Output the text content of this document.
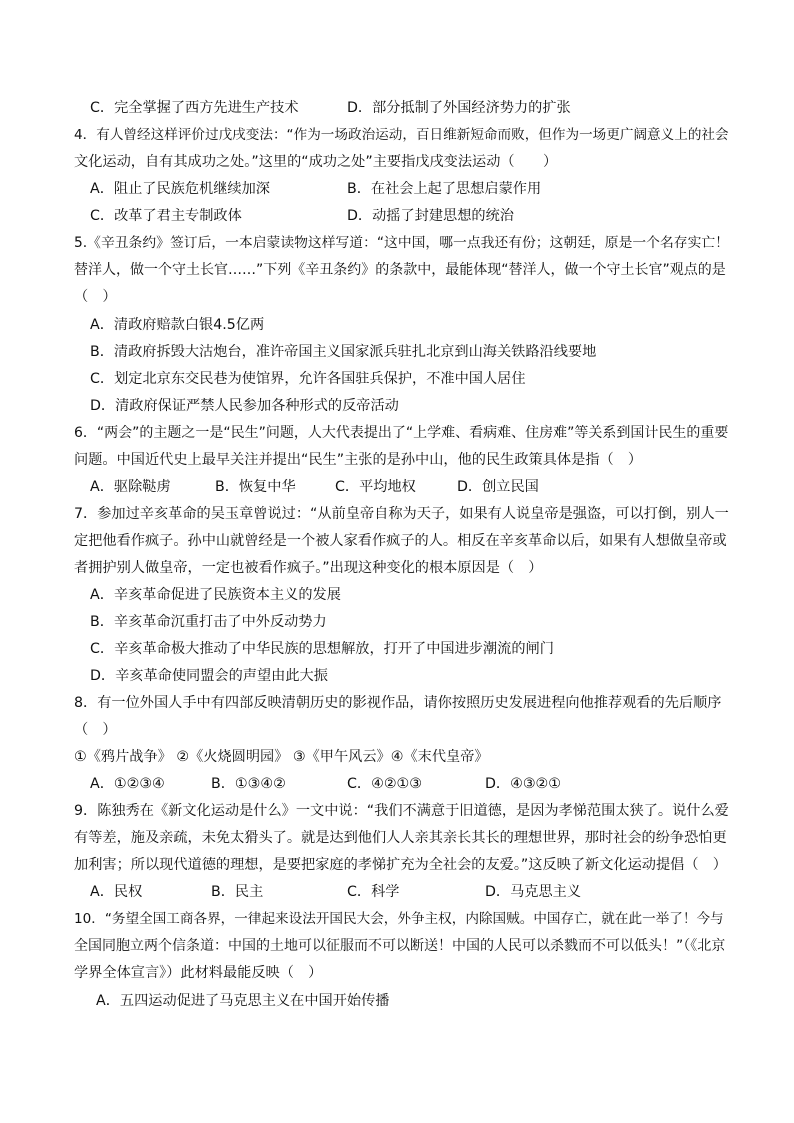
C．完全掌握了西方先进生产技术	D．部分抵制了外国经济势力的扩张
4．有人曾经这样评价过戊戌变法：“作为一场政治运动，百日维新短命而败，但作为一场更广阔意义上的社会
文化运动，自有其成功之处。”这里的“成功之处”主要指戊戌变法运动（　　）
A．阻止了民族危机继续加深	B．在社会上起了思想启蒙作用
C．改革了君主专制政体	D．动摇了封建思想的统治
5.《辛丑条约》签订后，一本启蒙读物这样写道：“这中国，哪一点我还有份；这朝廷，原是一个名存实亡！
替洋人，做一个守土长官……”下列《辛丑条约》的条款中，最能体现“替洋人，做一个守土长官”观点的是
（　）
A．清政府赔款白银4.5亿两
B．清政府拆毁大沽炮台，准许帝国主义国家派兵驻扎北京到山海关铁路沿线要地
C．划定北京东交民巷为使馆界，允许各国驻兵保护，不准中国人居住
D．清政府保证严禁人民参加各种形式的反帝活动
6．“两会”的主题之一是“民生”问题，人大代表提出了“上学难、看病难、住房难”等关系到国计民生的重要
问题。中国近代史上最早关注并提出“民生”主张的是孙中山，他的民生政策具体是指（　）
A．驱除鞑虏	B．恢复中华	C．平均地权	D．创立民国
7．参加过辛亥革命的吴玉章曾说过：“从前皇帝自称为天子，如果有人说皇帝是强盗，可以打倒，别人一
定把他看作疯子。孙中山就曾经是一个被人家看作疯子的人。相反在辛亥革命以后，如果有人想做皇帝或
者拥护别人做皇帝，一定也被看作疯子。”出现这种变化的根本原因是（　）
A．辛亥革命促进了民族资本主义的发展
B．辛亥革命沉重打击了中外反动势力
C．辛亥革命极大推动了中华民族的思想解放，打开了中国进步潮流的闸门
D．辛亥革命使同盟会的声望由此大振
8．有一位外国人手中有四部反映清朝历史的影视作品，请你按照历史发展进程向他推荐观看的先后顺序
（　）
①《鸦片战争》 ②《火烧圆明园》 ③《甲午风云》④《末代皇帝》
A．①②③④	B．①③④②	C．④②①③	D．④③②①
9．陈独秀在《新文化运动是什么》一文中说：“我们不满意于旧道德，是因为孝悌范围太狭了。说什么爱
有等差，施及亲疏，未免太猾头了。就是达到他们人人亲其亲长其长的理想世界，那时社会的纷争恐怕更
加利害；所以现代道德的理想，是要把家庭的孝悌扩充为全社会的友爱。”这反映了新文化运动提倡（　）
A．民权	B．民主	C．科学	D．马克思主义
10．“务望全国工商各界，一律起来设法开国民大会，外争主权，内除国贼。中国存亡，就在此一举了！今与
全国同胞立两个信条道：中国的土地可以征服而不可以断送！中国的人民可以杀戮而不可以低头！”（《北京
学界全体宣言》）此材料最能反映（　）
A．五四运动促进了马克思主义在中国开始传播
